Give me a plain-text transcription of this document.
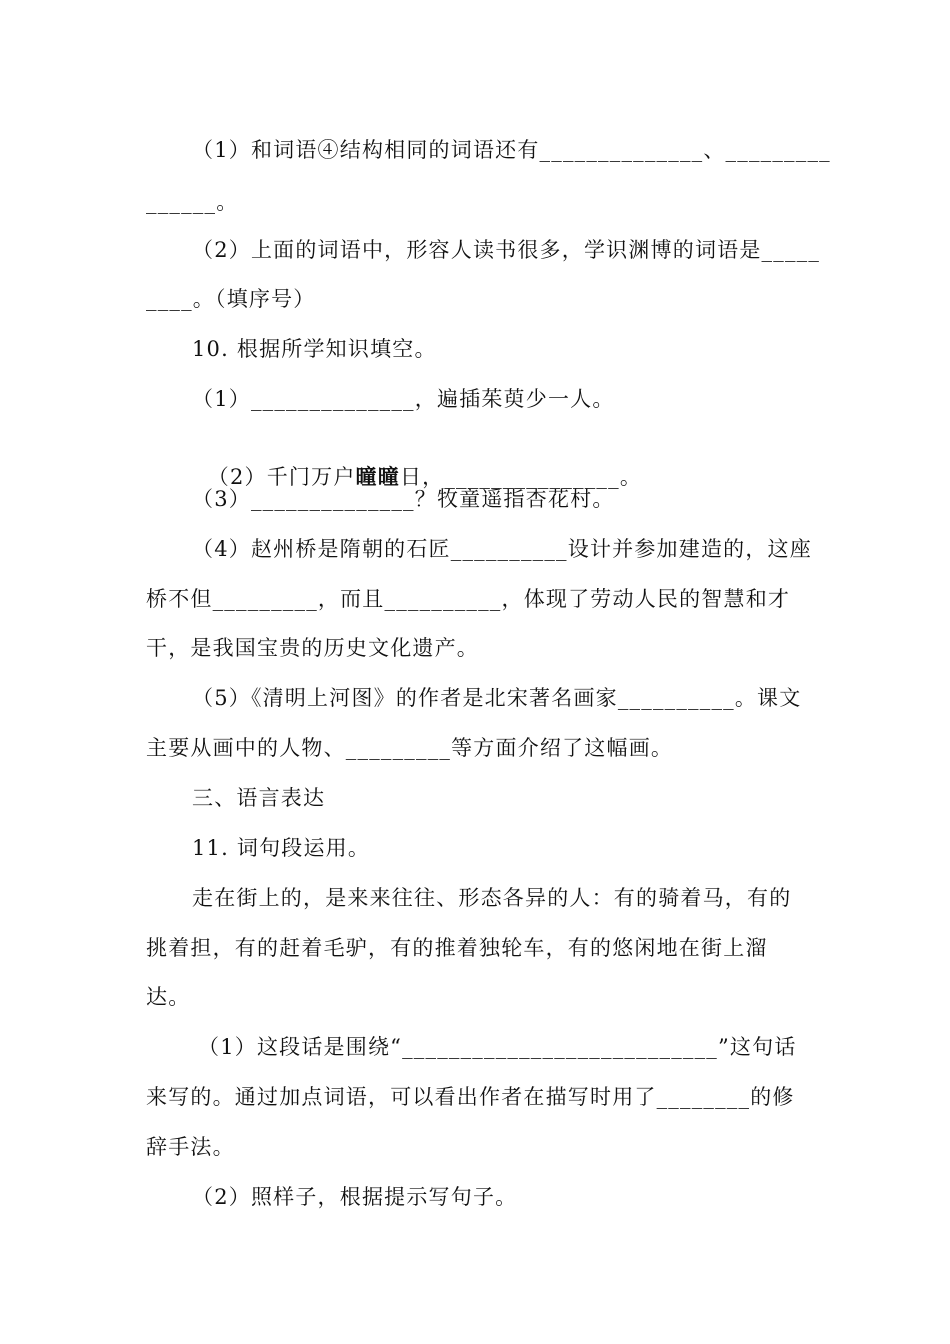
（1）和词语④结构相同的词语还有______________、_________
______。
（2）上面的词语中，形容人读书很多，学识渊博的词语是_____
____。（填序号）
10. 根据所学知识填空。
（1）______________，遍插茱萸少一人。

（2）千门万户曈曈日，_______________。

（3）______________？牧童遥指杏花村。
（4）赵州桥是隋朝的石匠__________设计并参加建造的，这座
桥不但_________，而且__________，体现了劳动人民的智慧和才
干，是我国宝贵的历史文化遗产。
（5）《清明上河图》的作者是北宋著名画家__________。课文
主要从画中的人物、_________等方面介绍了这幅画。
三、语言表达
11. 词句段运用。
走在街上的，是来来往往、形态各异的人：有的骑着马，有的
挑着担，有的赶着毛驴，有的推着独轮车，有的悠闲地在街上溜
达。
（1）这段话是围绕“___________________________”这句话
来写的。通过加点词语，可以看出作者在描写时用了________的修
辞手法。
（2）照样子，根据提示写句子。
